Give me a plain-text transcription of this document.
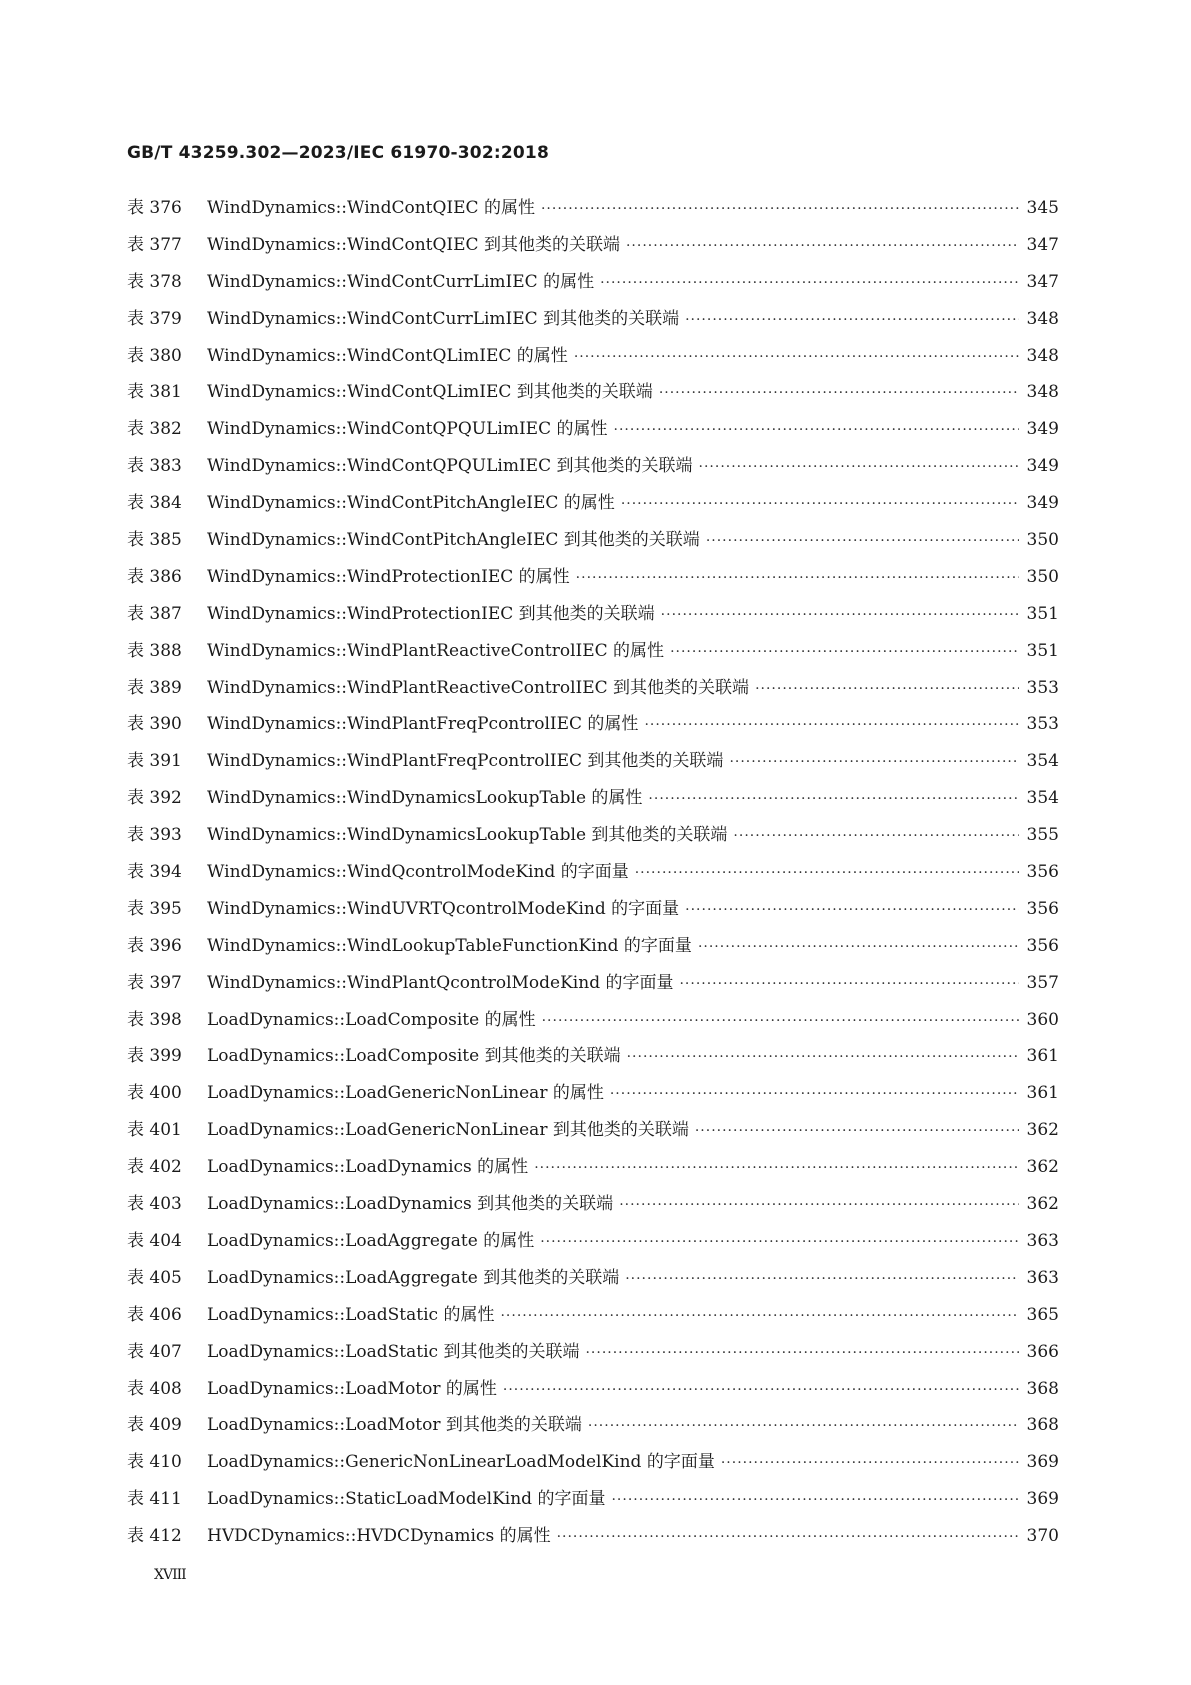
GB/T 43259.302—2023/IEC 61970-302:2018
表 376	WindDynamics::WindContQIEC 的属性 ·····	345
表 377	WindDynamics::WindContQIEC 到其他类的关联端 ·····	347
表 378	WindDynamics::WindContCurrLimIEC 的属性 ·····	347
表 379	WindDynamics::WindContCurrLimIEC 到其他类的关联端 ·····	348
表 380	WindDynamics::WindContQLimIEC 的属性 ·····	348
表 381	WindDynamics::WindContQLimIEC 到其他类的关联端 ·····	348
表 382	WindDynamics::WindContQPQULimIEC 的属性 ·····	349
表 383	WindDynamics::WindContQPQULimIEC 到其他类的关联端 ·····	349
表 384	WindDynamics::WindContPitchAngleIEC 的属性 ·····	349
表 385	WindDynamics::WindContPitchAngleIEC 到其他类的关联端 ·····	350
表 386	WindDynamics::WindProtectionIEC 的属性 ·····	350
表 387	WindDynamics::WindProtectionIEC 到其他类的关联端 ·····	351
表 388	WindDynamics::WindPlantReactiveControlIEC 的属性 ·····	351
表 389	WindDynamics::WindPlantReactiveControlIEC 到其他类的关联端 ·····	353
表 390	WindDynamics::WindPlantFreqPcontrolIEC 的属性 ·····	353
表 391	WindDynamics::WindPlantFreqPcontrolIEC 到其他类的关联端 ·····	354
表 392	WindDynamics::WindDynamicsLookupTable 的属性 ·····	354
表 393	WindDynamics::WindDynamicsLookupTable 到其他类的关联端 ·····	355
表 394	WindDynamics::WindQcontrolModeKind 的字面量 ·····	356
表 395	WindDynamics::WindUVRTQcontrolModeKind 的字面量 ·····	356
表 396	WindDynamics::WindLookupTableFunctionKind 的字面量 ·····	356
表 397	WindDynamics::WindPlantQcontrolModeKind 的字面量 ·····	357
表 398	LoadDynamics::LoadComposite 的属性 ·····	360
表 399	LoadDynamics::LoadComposite 到其他类的关联端 ·····	361
表 400	LoadDynamics::LoadGenericNonLinear 的属性 ·····	361
表 401	LoadDynamics::LoadGenericNonLinear 到其他类的关联端 ·····	362
表 402	LoadDynamics::LoadDynamics 的属性 ·····	362
表 403	LoadDynamics::LoadDynamics 到其他类的关联端 ·····	362
表 404	LoadDynamics::LoadAggregate 的属性 ·····	363
表 405	LoadDynamics::LoadAggregate 到其他类的关联端 ·····	363
表 406	LoadDynamics::LoadStatic 的属性 ·····	365
表 407	LoadDynamics::LoadStatic 到其他类的关联端 ·····	366
表 408	LoadDynamics::LoadMotor 的属性 ·····	368
表 409	LoadDynamics::LoadMotor 到其他类的关联端 ·····	368
表 410	LoadDynamics::GenericNonLinearLoadModelKind 的字面量 ·····	369
表 411	LoadDynamics::StaticLoadModelKind 的字面量 ·····	369
表 412	HVDCDynamics::HVDCDynamics 的属性 ·····	370
XVIII
